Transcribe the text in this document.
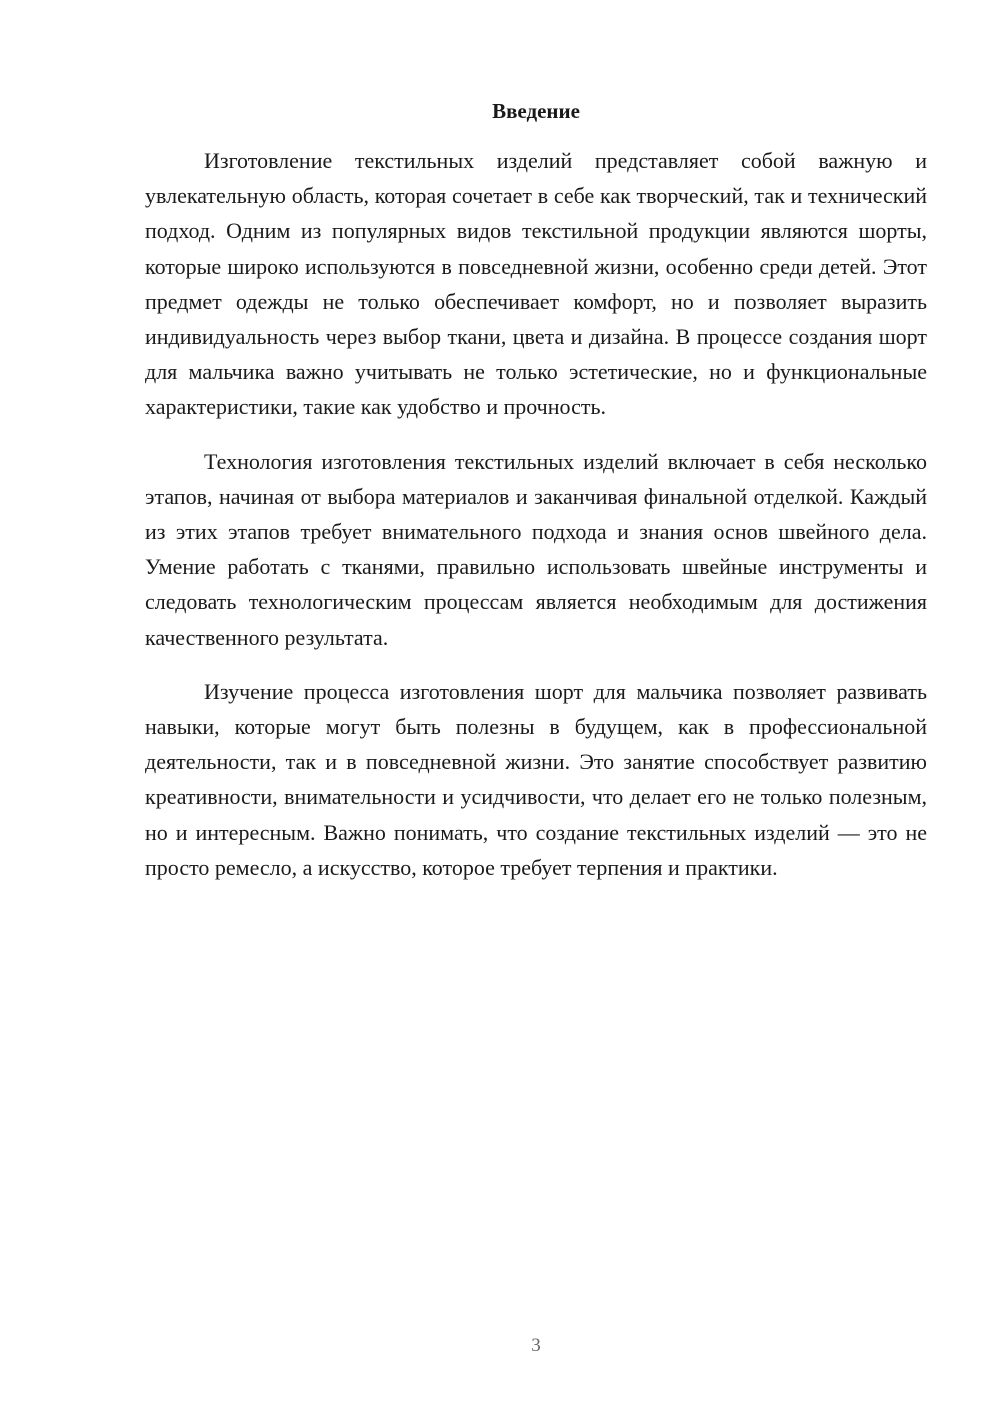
Введение

Изготовление текстильных изделий представляет собой важную и увлекательную область, которая сочетает в себе как творческий, так и технический подход. Одним из популярных видов текстильной продукции являются шорты, которые широко используются в повседневной жизни, особенно среди детей. Этот предмет одежды не только обеспечивает комфорт, но и позволяет выразить индивидуальность через выбор ткани, цвета и дизайна. В процессе создания шорт для мальчика важно учитывать не только эстетические, но и функциональные характеристики, такие как удобство и прочность.

Технология изготовления текстильных изделий включает в себя несколько этапов, начиная от выбора материалов и заканчивая финальной отделкой. Каждый из этих этапов требует внимательного подхода и знания основ швейного дела. Умение работать с тканями, правильно использовать швейные инструменты и следовать технологическим процессам является необходимым для достижения качественного результата.

Изучение процесса изготовления шорт для мальчика позволяет развивать навыки, которые могут быть полезны в будущем, как в профессиональной деятельности, так и в повседневной жизни. Это занятие способствует развитию креативности, внимательности и усидчивости, что делает его не только полезным, но и интересным. Важно понимать, что создание текстильных изделий — это не просто ремесло, а искусство, которое требует терпения и практики.

3
